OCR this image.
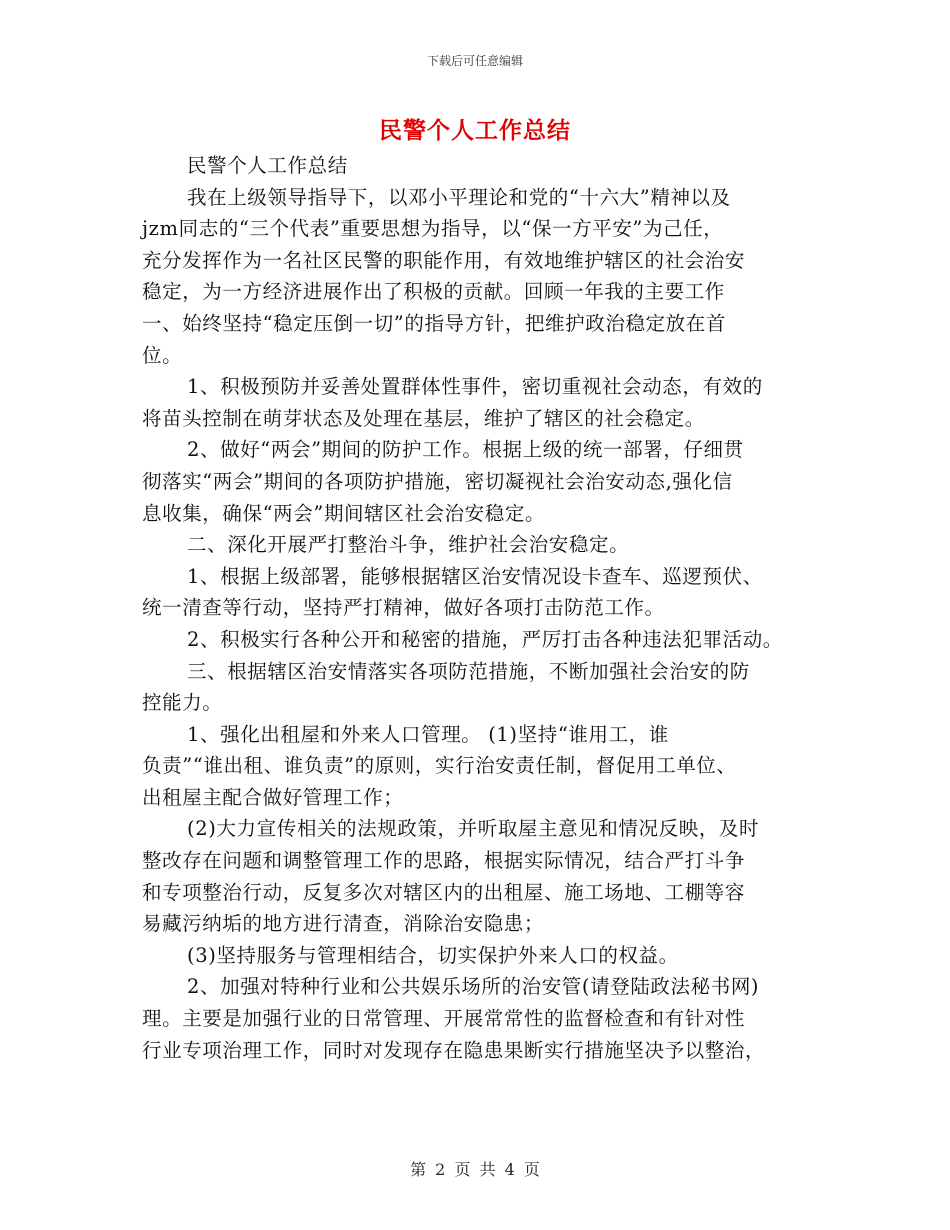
下载后可任意编辑
民警个人工作总结
民警个人工作总结
我在上级领导指导下，以邓小平理论和党的“十六大”精神以及
jzm同志的“三个代表”重要思想为指导，以“保一方平安”为己任，
充分发挥作为一名社区民警的职能作用，有效地维护辖区的社会治安
稳定，为一方经济进展作出了积极的贡献。回顾一年我的主要工作
一、始终坚持“稳定压倒一切”的指导方针，把维护政治稳定放在首
位。
1、积极预防并妥善处置群体性事件，密切重视社会动态，有效的
将苗头控制在萌芽状态及处理在基层，维护了辖区的社会稳定。
2、做好“两会”期间的防护工作。根据上级的统一部署，仔细贯
彻落实“两会”期间的各项防护措施，密切凝视社会治安动态,强化信
息收集，确保“两会”期间辖区社会治安稳定。
二、深化开展严打整治斗争，维护社会治安稳定。
1、根据上级部署，能够根据辖区治安情况设卡查车、巡逻预伏、
统一清查等行动，坚持严打精神，做好各项打击防范工作。
2、积极实行各种公开和秘密的措施，严厉打击各种违法犯罪活动。
三、根据辖区治安情落实各项防范措施，不断加强社会治安的防
控能力。
1、强化出租屋和外来人口管理。 (1)坚持“谁用工，谁
负责”“谁出租、谁负责”的原则，实行治安责任制，督促用工单位、
出租屋主配合做好管理工作；
(2)大力宣传相关的法规政策，并听取屋主意见和情况反映，及时
整改存在问题和调整管理工作的思路，根据实际情况，结合严打斗争
和专项整治行动，反复多次对辖区内的出租屋、施工场地、工棚等容
易藏污纳垢的地方进行清查，消除治安隐患；
(3)坚持服务与管理相结合，切实保护外来人口的权益。
2、加强对特种行业和公共娱乐场所的治安管(请登陆政法秘书网)
理。主要是加强行业的日常管理、开展常常性的监督检查和有针对性
行业专项治理工作，同时对发现存在隐患果断实行措施坚决予以整治，
第 2 页 共 4 页
